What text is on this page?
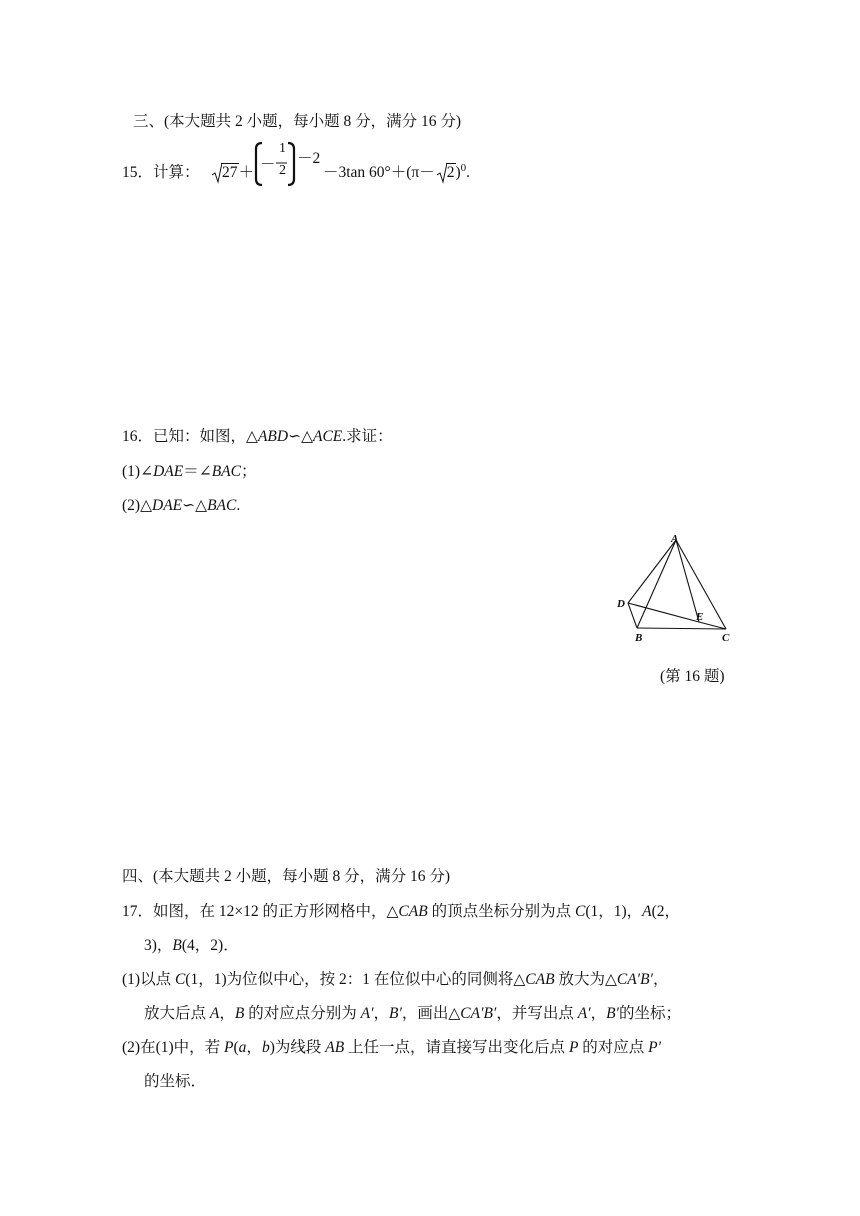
三、(本大题共 2 小题，每小题 8 分，满分 16 分)
15．计算：	27＋ －
1
2
－2
－3tan $60^\circ+(\pi- 2)^0$.
16．已知：如图，△ABD∽△ACE.求证：
(1)∠DAE＝∠BAC；
(2)△DAE∽△BAC.
A
D
E
B	C
(第 16 题)
四、(本大题共 2 小题，每小题 8 分，满分 16 分)
17．如图，在 12×12 的正方形网格中，△CAB 的顶点坐标分别为点 C(1，1)，A(2，
3)，B(4，2)．
(1)以点 C(1，1)为位似中心，按 2：1 在位似中心的同侧将△CAB 放大为△CA′B′，
放大后点 A，B 的对应点分别为 A′，B′，画出△CA′B′，并写出点 A′，B′的坐标；
(2)在(1)中，若 P(a，b)为线段 AB 上任一点，请直接写出变化后点 P 的对应点 P′
的坐标．
